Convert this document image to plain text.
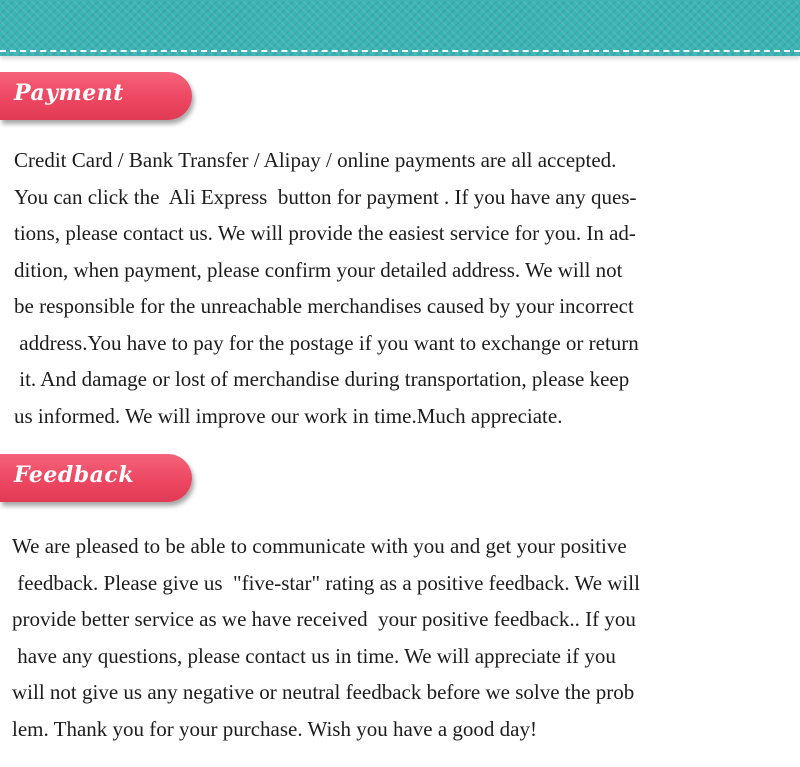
Payment
Credit Card / Bank Transfer / Alipay / online payments are all accepted.
You can click the  Ali Express  button for payment . If you have any ques-
tions, please contact us. We will provide the easiest service for you. In ad-
dition, when payment, please confirm your detailed address. We will not
be responsible for the unreachable merchandises caused by your incorrect
address.You have to pay for the postage if you want to exchange or return
it. And damage or lost of merchandise during transportation, please keep
us informed. We will improve our work in time.Much appreciate.
Feedback
We are pleased to be able to communicate with you and get your positive
feedback. Please give us  "five-star" rating as a positive feedback. We will
provide better service as we have received  your positive feedback.. If you
have any questions, please contact us in time. We will appreciate if you
will not give us any negative or neutral feedback before we solve the prob
lem. Thank you for your purchase. Wish you have a good day!
